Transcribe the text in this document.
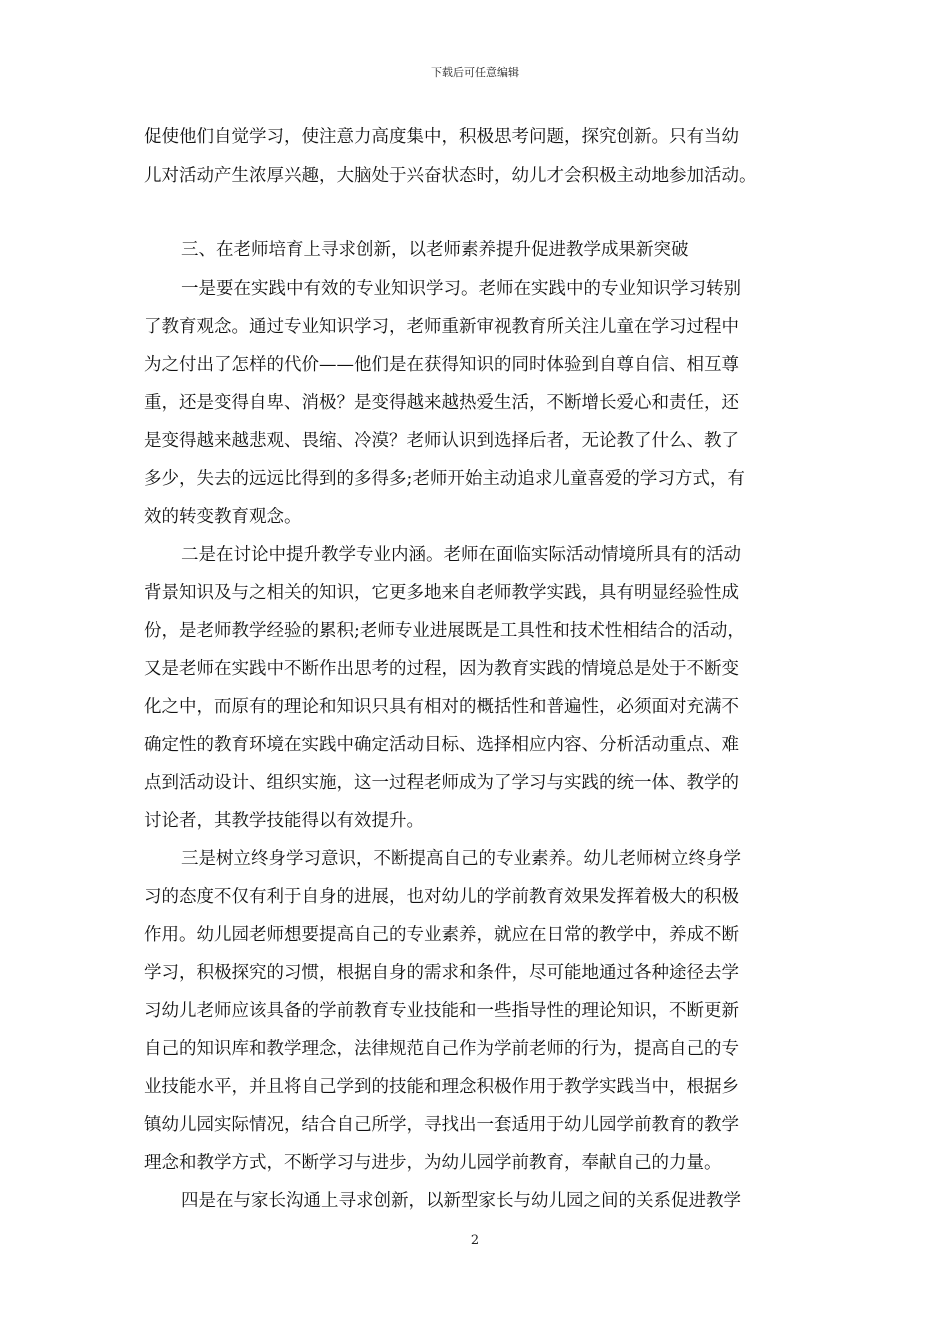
下载后可任意编辑
促使他们自觉学习，使注意力高度集中，积极思考问题，探究创新。只有当幼
儿对活动产生浓厚兴趣，大脑处于兴奋状态时，幼儿才会积极主动地参加活动。
三、在老师培育上寻求创新，以老师素养提升促进教学成果新突破
一是要在实践中有效的专业知识学习。老师在实践中的专业知识学习转别
了教育观念。通过专业知识学习，老师重新审视教育所关注儿童在学习过程中
为之付出了怎样的代价——他们是在获得知识的同时体验到自尊自信、相互尊
重，还是变得自卑、消极？是变得越来越热爱生活，不断增长爱心和责任，还
是变得越来越悲观、畏缩、冷漠？老师认识到选择后者，无论教了什么、教了
多少，失去的远远比得到的多得多;老师开始主动追求儿童喜爱的学习方式，有
效的转变教育观念。
二是在讨论中提升教学专业内涵。老师在面临实际活动情境所具有的活动
背景知识及与之相关的知识，它更多地来自老师教学实践，具有明显经验性成
份，是老师教学经验的累积;老师专业进展既是工具性和技术性相结合的活动，
又是老师在实践中不断作出思考的过程，因为教育实践的情境总是处于不断变
化之中，而原有的理论和知识只具有相对的概括性和普遍性，必须面对充满不
确定性的教育环境在实践中确定活动目标、选择相应内容、分析活动重点、难
点到活动设计、组织实施，这一过程老师成为了学习与实践的统一体、教学的
讨论者，其教学技能得以有效提升。
三是树立终身学习意识，不断提高自己的专业素养。幼儿老师树立终身学
习的态度不仅有利于自身的进展，也对幼儿的学前教育效果发挥着极大的积极
作用。幼儿园老师想要提高自己的专业素养，就应在日常的教学中，养成不断
学习，积极探究的习惯，根据自身的需求和条件，尽可能地通过各种途径去学
习幼儿老师应该具备的学前教育专业技能和一些指导性的理论知识，不断更新
自己的知识库和教学理念，法律规范自己作为学前老师的行为，提高自己的专
业技能水平，并且将自己学到的技能和理念积极作用于教学实践当中，根据乡
镇幼儿园实际情况，结合自己所学，寻找出一套适用于幼儿园学前教育的教学
理念和教学方式，不断学习与进步，为幼儿园学前教育，奉献自己的力量。
四是在与家长沟通上寻求创新，以新型家长与幼儿园之间的关系促进教学
2
